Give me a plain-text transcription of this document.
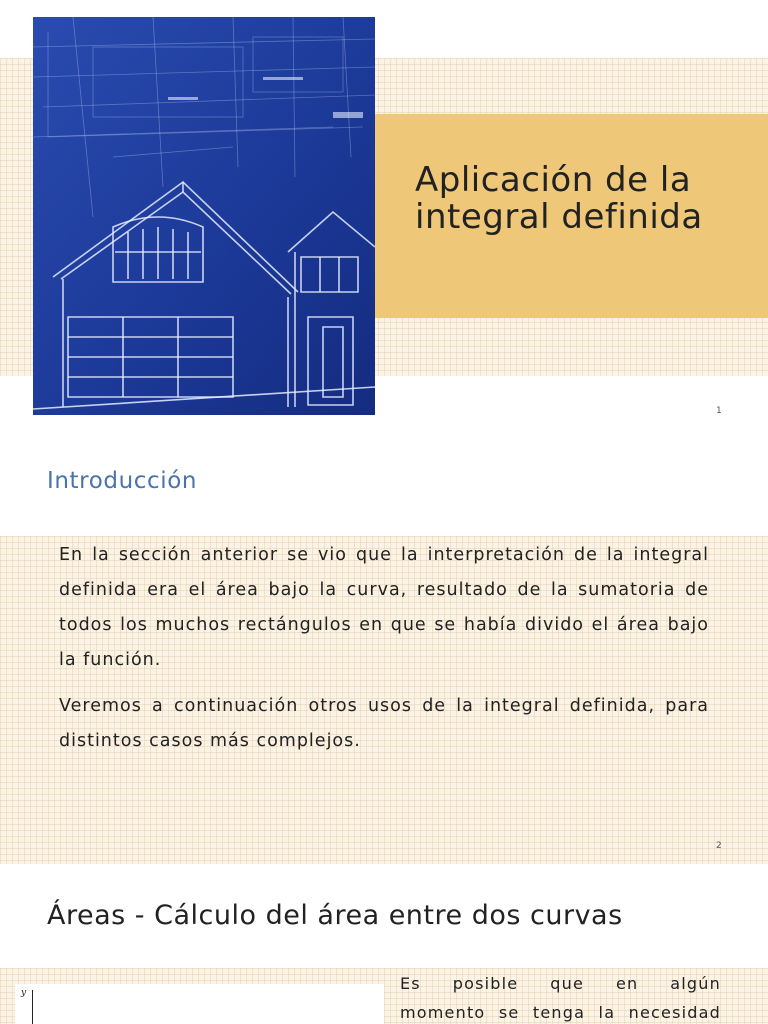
Aplicación de la integral definida
1
Introducción

En la sección anterior se vio que la interpretación de la integral definida era el área bajo la curva, resultado de la sumatoria de todos los muchos rectángulos en que se había divido el área bajo la función.

Veremos a continuación otros usos de la integral definida, para distintos casos más complejos.

2
Áreas - Cálculo del área entre dos curvas
y	Es posible que en algún
momento se tenga la necesidad
